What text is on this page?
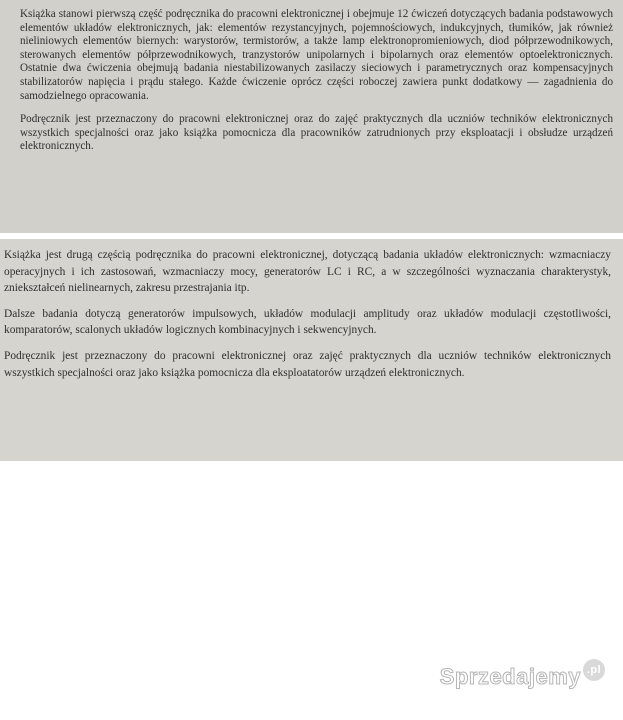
Książka stanowi pierwszą część podręcznika do pracowni elektronicznej i obejmuje 12 ćwiczeń dotyczących badania podstawowych elementów układów elektronicznych, jak: elementów rezystancyjnych, pojemnościowych, indukcyjnych, tłumików, jak również nieliniowych elementów biernych: warystorów, termistorów, a także lamp elektronopromieniowych, diod półprzewodnikowych, sterowanych elementów półprzewodnikowych, tranzystorów unipolarnych i bipolarnych oraz elementów optoelektronicznych. Ostatnie dwa ćwiczenia obejmują badania niestabilizowanych zasilaczy sieciowych i parametrycznych oraz kompensacyjnych stabilizatorów napięcia i prądu stałego. Każde ćwiczenie oprócz części roboczej zawiera punkt dodatkowy — zagadnienia do samodzielnego opracowania.

Podręcznik jest przeznaczony do pracowni elektronicznej oraz do zajęć praktycznych dla uczniów techników elektronicznych wszystkich specjalności oraz jako książka pomocnicza dla pracowników zatrudnionych przy eksploatacji i obsłudze urządzeń elektronicznych.

Książka jest drugą częścią podręcznika do pracowni elektronicznej, dotyczącą badania układów elektronicznych: wzmacniaczy operacyjnych i ich zastosowań, wzmacniaczy mocy, generatorów LC i RC, a w szczególności wyznaczania charakterystyk, zniekształceń nielinearnych, zakresu przestrajania itp.

Dalsze badania dotyczą generatorów impulsowych, układów modulacji amplitudy oraz układów modulacji częstotliwości, komparatorów, scalonych układów logicznych kombinacyjnych i sekwencyjnych.

Podręcznik jest przeznaczony do pracowni elektronicznej oraz zajęć praktycznych dla uczniów techników elektronicznych wszystkich specjalności oraz jako książka pomocnicza dla eksploatatorów urządzeń elektronicznych.

Sprzedajemy .pl
